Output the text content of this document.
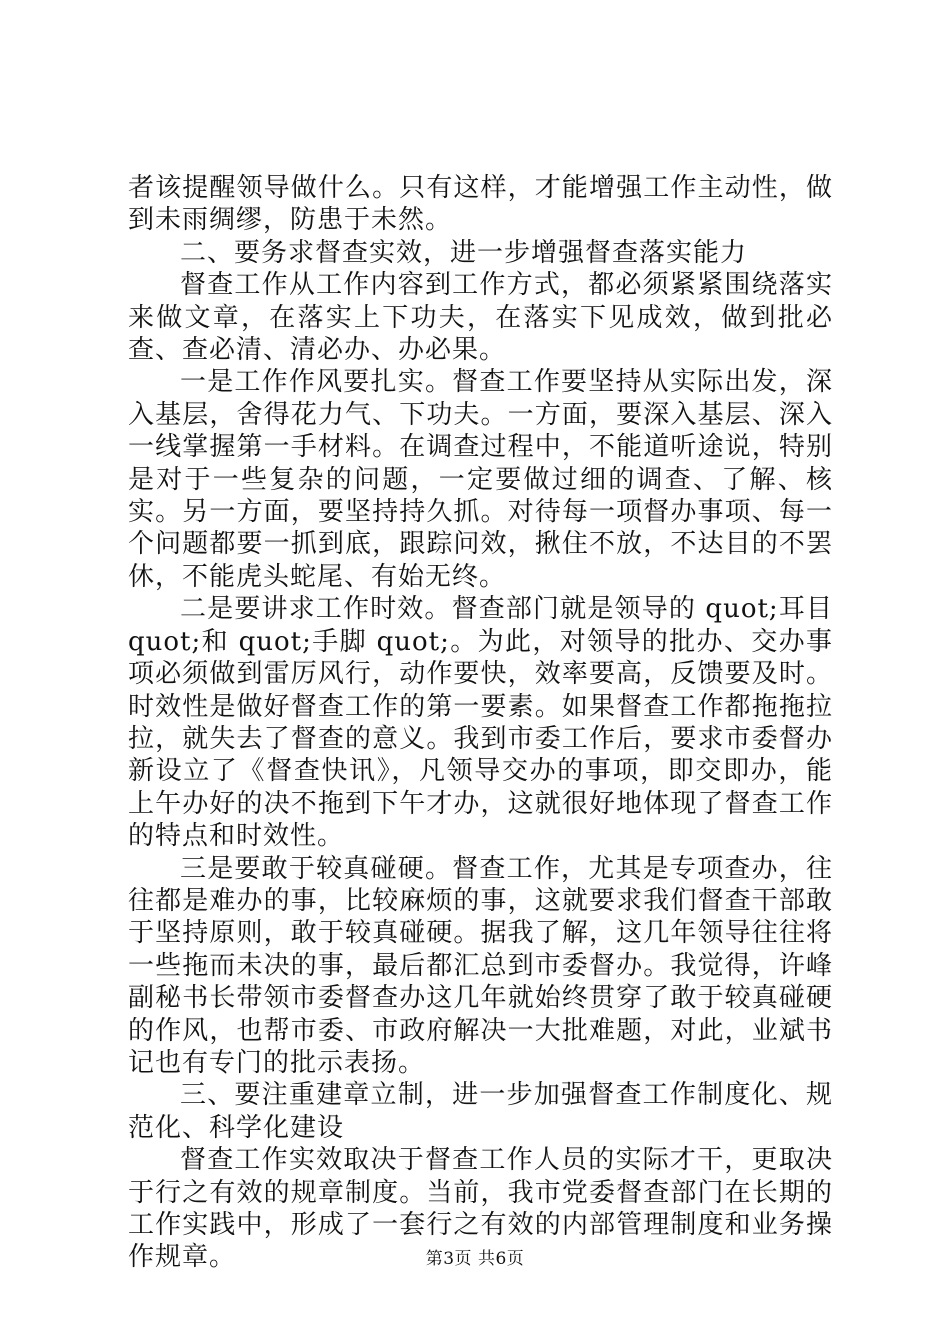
者该提醒领导做什么。只有这样，才能增强工作主动性，做到未雨绸缪，防患于未然。

二、要务求督查实效，进一步增强督查落实能力

督查工作从工作内容到工作方式，都必须紧紧围绕落实来做文章，在落实上下功夫，在落实下见成效，做到批必查、查必清、清必办、办必果。

一是工作作风要扎实。督查工作要坚持从实际出发，深入基层，舍得花力气、下功夫。一方面，要深入基层、深入一线掌握第一手材料。在调查过程中，不能道听途说，特别是对于一些复杂的问题，一定要做过细的调查、了解、核实。另一方面，要坚持持久抓。对待每一项督办事项、每一个问题都要一抓到底，跟踪问效，揪住不放，不达目的不罢休，不能虎头蛇尾、有始无终。

二是要讲求工作时效。督查部门就是领导的 quot;耳目quot;和 quot;手脚 quot;。为此，对领导的批办、交办事项必须做到雷厉风行，动作要快，效率要高，反馈要及时。时效性是做好督查工作的第一要素。如果督查工作都拖拖拉拉，就失去了督查的意义。我到市委工作后，要求市委督办新设立了《督查快讯》，凡领导交办的事项，即交即办，能上午办好的决不拖到下午才办，这就很好地体现了督查工作的特点和时效性。

三是要敢于较真碰硬。督查工作，尤其是专项查办，往往都是难办的事，比较麻烦的事，这就要求我们督查干部敢于坚持原则，敢于较真碰硬。据我了解，这几年领导往往将一些拖而未决的事，最后都汇总到市委督办。我觉得，许峰副秘书长带领市委督查办这几年就始终贯穿了敢于较真碰硬的作风，也帮市委、市政府解决一大批难题，对此，业斌书记也有专门的批示表扬。

三、要注重建章立制，进一步加强督查工作制度化、规范化、科学化建设

督查工作实效取决于督查工作人员的实际才干，更取决于行之有效的规章制度。当前，我市党委督查部门在长期的工作实践中，形成了一套行之有效的内部管理制度和业务操作规章。	第3页 共6页
